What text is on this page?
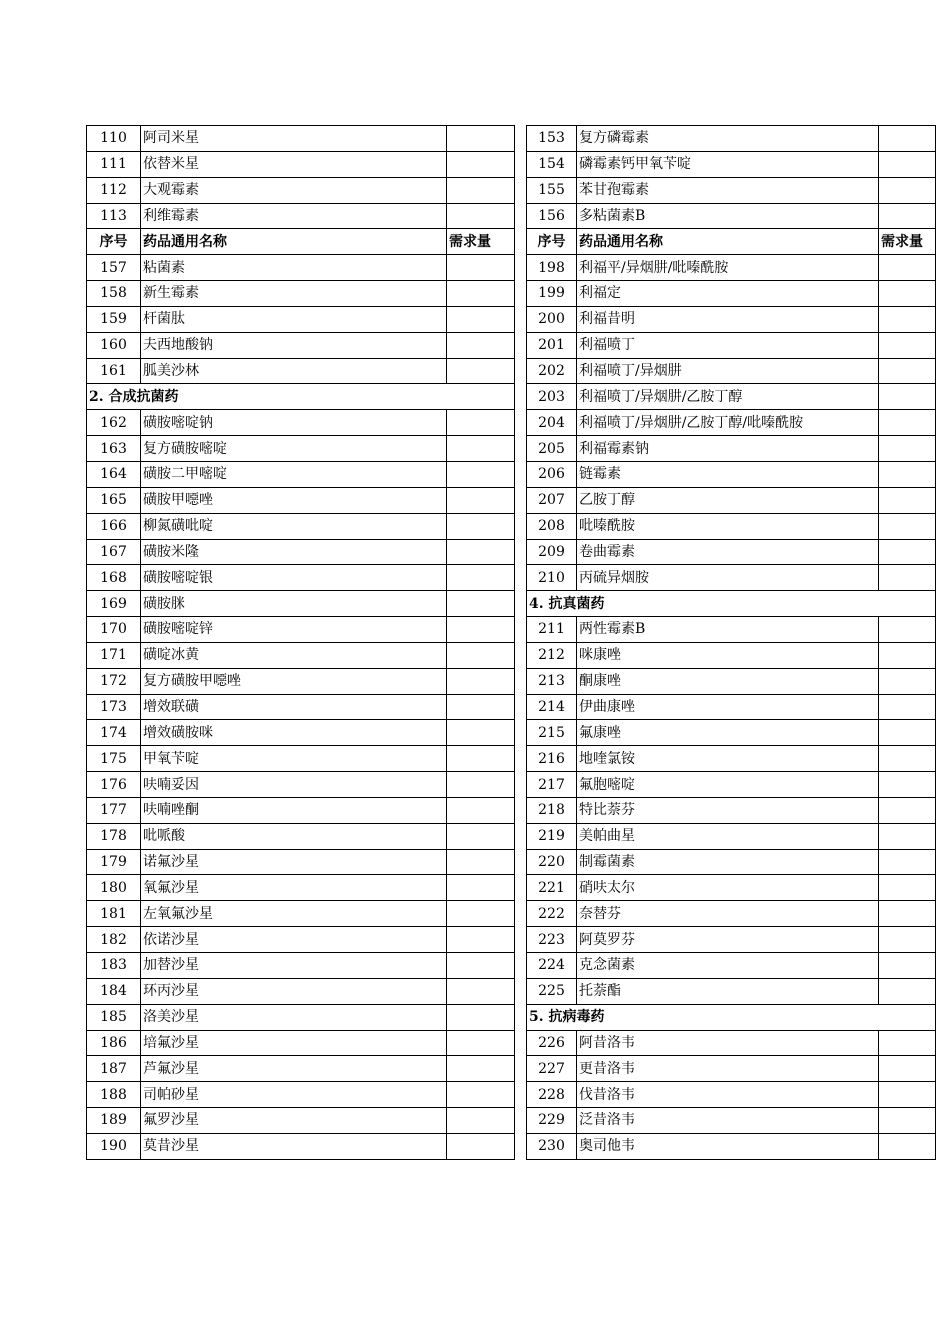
110	阿司米星	
111	依替米星	
112	大观霉素	
113	利维霉素	
序号	药品通用名称	需求量
157	粘菌素	
158	新生霉素	
159	杆菌肽	
160	夫西地酸钠	
161	胍美沙林	
2. 合成抗菌药		
162	磺胺嘧啶钠	
163	复方磺胺嘧啶	
164	磺胺二甲嘧啶	
165	磺胺甲噁唑	
166	柳氮磺吡啶	
167	磺胺米隆	
168	磺胺嘧啶银	
169	磺胺脒	
170	磺胺嘧啶锌	
171	磺啶冰黄	
172	复方磺胺甲噁唑	
173	增效联磺	
174	增效磺胺咪	
175	甲氧苄啶	
176	呋喃妥因	
177	呋喃唑酮	
178	吡哌酸	
179	诺氟沙星	
180	氧氟沙星	
181	左氧氟沙星	
182	依诺沙星	
183	加替沙星	
184	环丙沙星	
185	洛美沙星	
186	培氟沙星	
187	芦氟沙星	
188	司帕砂星	
189	氟罗沙星	
190	莫昔沙星	
153	复方磷霉素	
154	磷霉素钙甲氧苄啶	
155	苯甘孢霉素	
156	多粘菌素B	
序号	药品通用名称	需求量
198	利福平/异烟肼/吡嗪酰胺	
199	利福定	
200	利福昔明	
201	利福喷丁	
202	利福喷丁/异烟肼	
203	利福喷丁/异烟肼/乙胺丁醇	
204	利福喷丁/异烟肼/乙胺丁醇/吡嗪酰胺	
205	利福霉素钠	
206	链霉素	
207	乙胺丁醇	
208	吡嗪酰胺	
209	卷曲霉素	
210	丙硫异烟胺	
4. 抗真菌药		
211	两性霉素B	
212	咪康唑	
213	酮康唑	
214	伊曲康唑	
215	氟康唑	
216	地喹氯铵	
217	氟胞嘧啶	
218	特比萘芬	
219	美帕曲星	
220	制霉菌素	
221	硝呋太尔	
222	奈替芬	
223	阿莫罗芬	
224	克念菌素	
225	托萘酯	
5. 抗病毒药		
226	阿昔洛韦	
227	更昔洛韦	
228	伐昔洛韦	
229	泛昔洛韦	
230	奥司他韦	
